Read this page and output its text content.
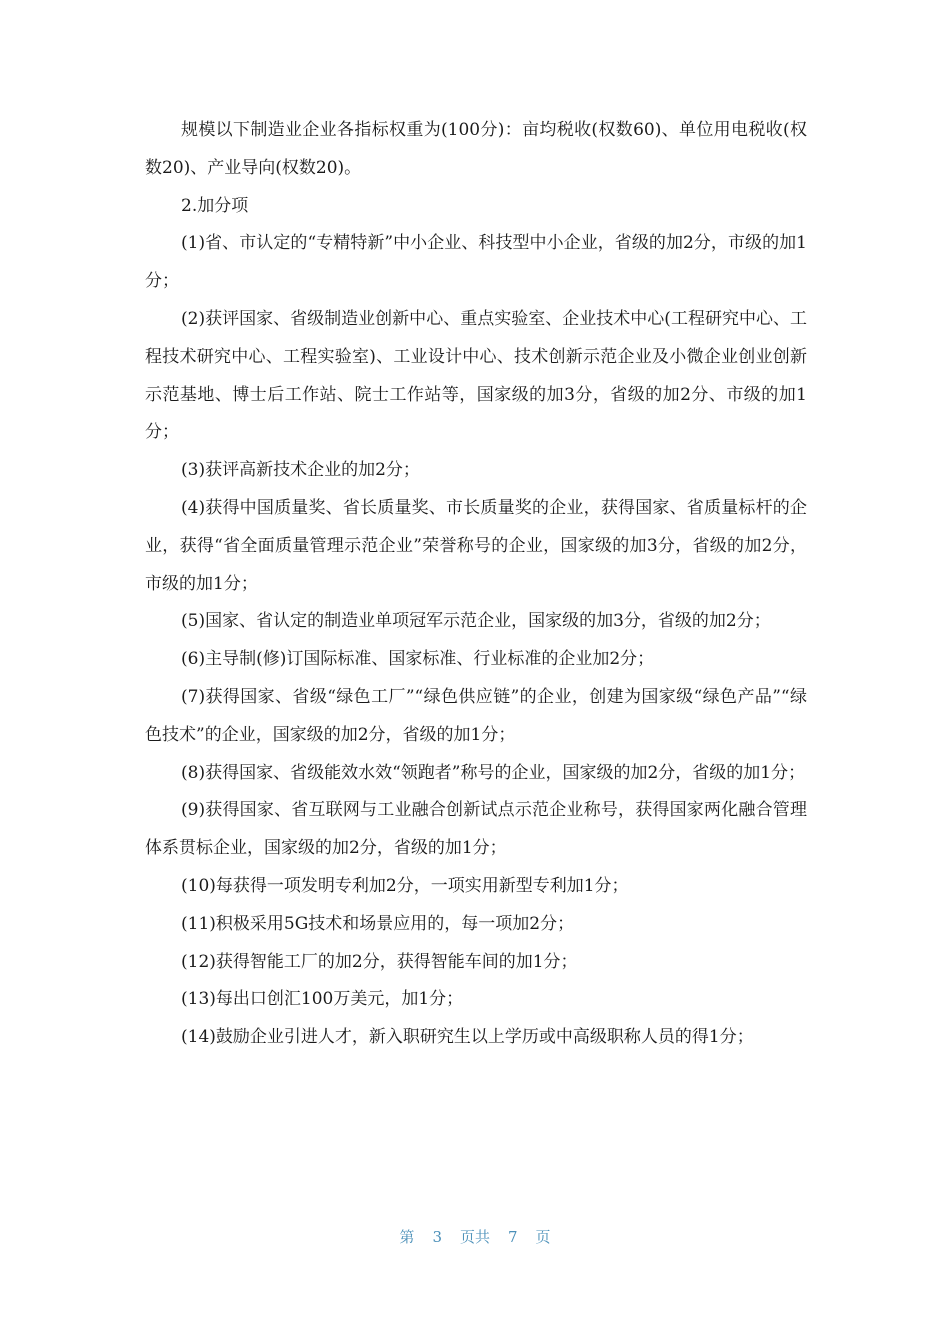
规模以下制造业企业各指标权重为(100分)：亩均税收(权数60)、单位用电税收(权数20)、产业导向(权数20)。

2.加分项

(1)省、市认定的“专精特新”中小企业、科技型中小企业，省级的加2分，市级的加1分；

(2)获评国家、省级制造业创新中心、重点实验室、企业技术中心(工程研究中心、工程技术研究中心、工程实验室)、工业设计中心、技术创新示范企业及小微企业创业创新示范基地、博士后工作站、院士工作站等，国家级的加3分，省级的加2分、市级的加1分；

(3)获评高新技术企业的加2分；

(4)获得中国质量奖、省长质量奖、市长质量奖的企业，获得国家、省质量标杆的企业，获得“省全面质量管理示范企业”荣誉称号的企业，国家级的加3分，省级的加2分，市级的加1分；

(5)国家、省认定的制造业单项冠军示范企业，国家级的加3分，省级的加2分；

(6)主导制(修)订国际标准、国家标准、行业标准的企业加2分；

(7)获得国家、省级“绿色工厂”“绿色供应链”的企业，创建为国家级“绿色产品”“绿色技术”的企业，国家级的加2分，省级的加1分；

(8)获得国家、省级能效水效“领跑者”称号的企业，国家级的加2分，省级的加1分；

(9)获得国家、省互联网与工业融合创新试点示范企业称号，获得国家两化融合管理体系贯标企业，国家级的加2分，省级的加1分；

(10)每获得一项发明专利加2分，一项实用新型专利加1分；

(11)积极采用5G技术和场景应用的，每一项加2分；

(12)获得智能工厂的加2分，获得智能车间的加1分；

(13)每出口创汇100万美元，加1分；

(14)鼓励企业引进人才，新入职研究生以上学历或中高级职称人员的得1分；

第 3 页共 7 页
